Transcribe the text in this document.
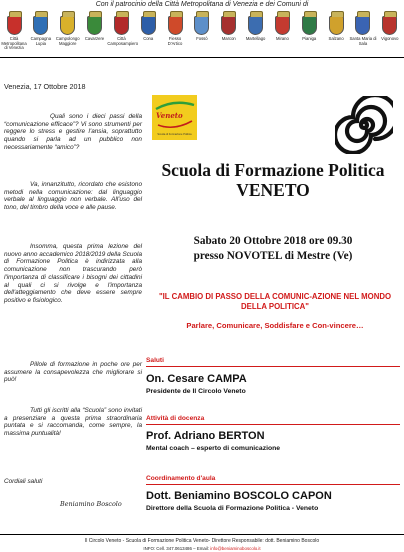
Con il patrocinio della Città Metropolitana di Venezia e dei Comuni di
Città Metropolitana di Venezia
Campagna Lupia
Campolongo Maggiore
Cavarzere	Città Camposampiero
Cona	Fiesso D'Artico
Fossò	Marcon	Martellago	Mirano	Pianiga	Salzano	Santa Maria di Sala
Vigonovo
Venezia, 17 Ottobre 2018

Quali sono i dieci passi della “comunicazione efficace”? Vi sono strumenti per reggere lo stress e gestire l'ansia, soprattutto quando si parla ad un pubblico non necessariamente “amico”?

Va, innanzitutto, ricordato che esistono metodi nella comunicazione: dal linguaggio verbale al linguaggio non verbale. All'uso del tono, del timbro della voce e alle pause.

Insomma, questa prima lezione del nuovo anno accademico 2018/2019 della Scuola di Formazione Politica è indirizzata alla comunicazione non trascurando però l'importanza di classificare i bisogni dei cittadini al quali ci si rivolge e l'importanza dell'atteggiamento che deve essere sempre positivo e fisiologico.

Pillole di formazione in poche ore per assumere la consapevolezza che migliorare si può!

Tutti gli iscritti alla “Scuola” sono invitati a presenziare a questa prima straordinaria puntata e si raccomanda, come sempre, la massima puntualità!

Cordiali saluti
Beniamino Boscolo
Veneto
Scuola di Formazione Politica
Scuola di Formazione Politica
VENETO
Sabato 20 Ottobre 2018 ore 09.30
presso NOVOTEL di Mestre (Ve)
"IL CAMBIO DI PASSO DELLA COMUNIC-AZIONE NEL MONDO DELLA POLITICA"
Parlare, Comunicare, Soddisfare e Con-vincere…
Saluti
On. Cesare CAMPA
Presidente de Il Circolo Veneto
Attività di docenza
Prof. Adriano BERTON
Mental coach – esperto di comunicazione
Coordinamento d'aula
Dott. Beniamino BOSCOLO CAPON
Direttore della Scuola di Formazione Politica - Veneto
Il Circolo Veneto - Scuola di Formazione Politica Veneto- Direttore Responsabile: dott. Beniamino Boscolo
INFO: Cell. 347.0613486 – Email: info@beniaminoboscolo.it
